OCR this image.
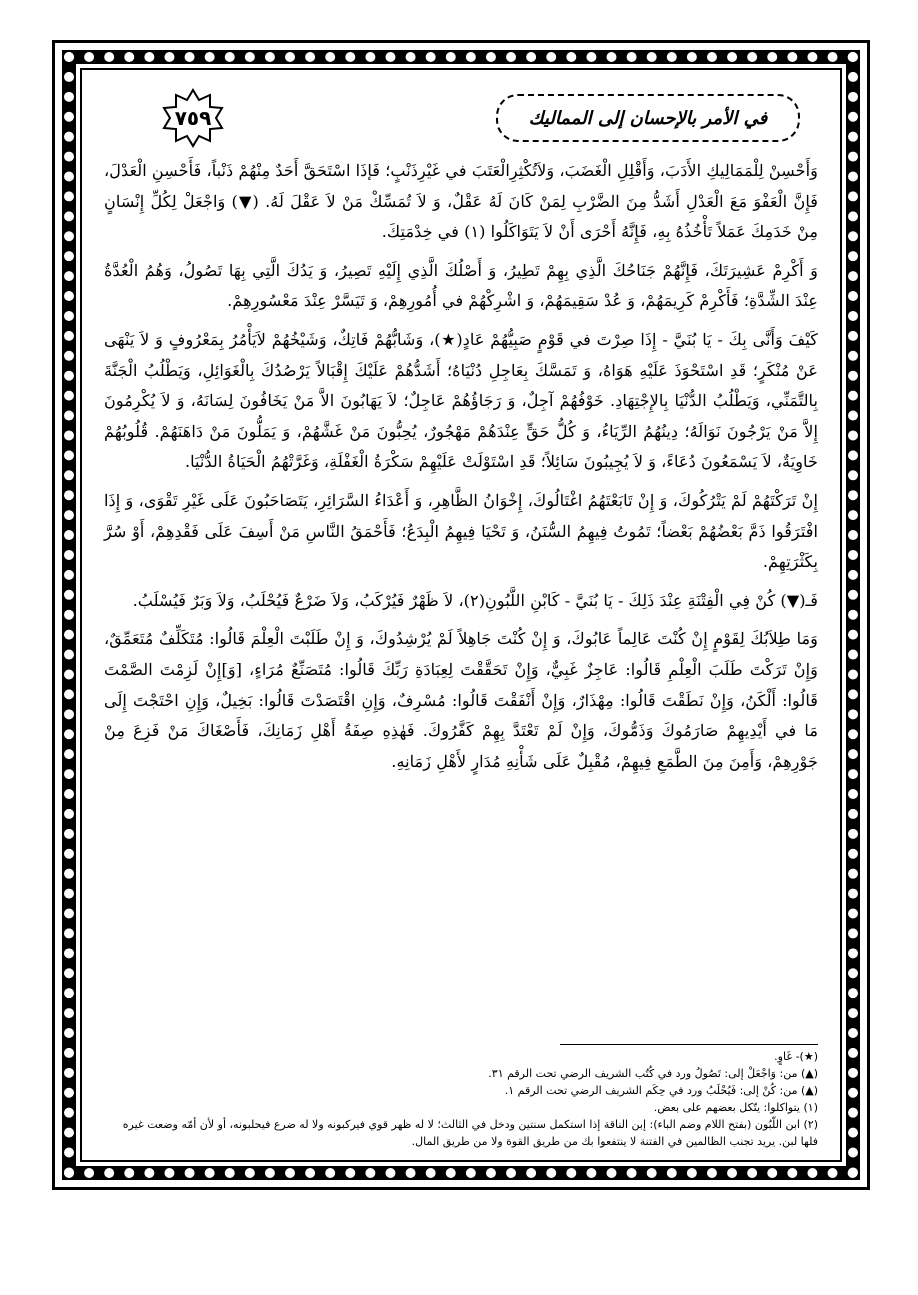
في الأمر بالإحسان إلى المماليك
٧٥٩

وَأَحْسِنْ لِلْمَمَالِيكِ الأَدَبَ، وَأَقْلِلِ الْغَضَبَ، وَلاَتُكْثِرِالْعَتَبَ في غَيْرِذَنْبٍ؛ فَإذَا اسْتَحَقَّ أَحَدٌ مِنْهُمْ ذَنْباً، فَأَحْسِنِ الْعَدْلَ، فَإِنَّ الْعَفْوَ مَعَ الْعَدْلِ أَشَدُّ مِنَ الضَّرْبِ لِمَنْ كَانَ لَهُ عَقْلٌ، وَ لاَ تُمَسِّكْ مَنْ لاَ عَقْلَ لَهُ. (▼) وَاجْعَلْ لِكُلِّ إِنْسَانٍ مِنْ خَدَمِكَ عَمَلاً تَأْخُذُهُ بِهِ، فَإِنَّهُ أَحْرَى أَنْ لاَ يَتَوَاكَلُوا (١) في خِدْمَتِكَ.

وَ أَكْرِمْ عَشِيرَتَكَ، فَإِنَّهُمْ جَنَاحُكَ الَّذِي بِهِمْ تَطِيرُ، وَ أَصْلُكَ الَّذِي إِلَيْهِ تَصِيرُ، وَ يَدُكَ الَّتِي بِهَا تَصُولُ، وَهُمُ الْعُدَّةُ عِنْدَ الشِّدَّةِ؛ فَأَكْرِمْ كَرِيمَهُمْ، وَ عُدْ سَقِيمَهُمْ، وَ اشْرِكْهُمْ في أُمُورِهِمْ، وَ تَيَسَّرْ عِنْدَ مَعْسُورِهِمْ.

كَيْفَ وَأَنَّى بِكَ - يَا بُنَيَّ - إِذَا صِرْتَ في قَوْمٍ صَبِيُّهُمْ عَادٍ(★)، وَشَابُّهُمْ فَاتِكٌ، وَشَيْخُهُمْ لاَيَأْمُرُ بِمَعْرُوفٍ وَ لاَ يَنْهَى عَنْ مُنْكَرٍ؛ قَدِ اسْتَحْوَذَ عَلَيْهِ هَوَاهُ، وَ تَمَسَّكَ بِعَاجِلِ دُنْيَاهُ؛ أَشَدُّهُمْ عَلَيْكَ إِقْبَالاً يَرْصُدُكَ بِالْغَوَائِلِ، وَيَطْلُبُ الْجَنَّةَ بِالتَّمَنِّي، وَيَطْلُبُ الدُّنْيَا بِالإِجْتِهَادِ. خَوْفُهُمْ آجِلٌ، وَ رَجَاؤُهُمْ عَاجِلٌ؛ لاَ يَهَابُونَ الاَّ مَنْ يَخَافُونَ لِسَانَهُ، وَ لاَ يُكْرِمُونَ إِلاَّ مَنْ يَرْجُونَ نَوَالَهُ؛ دِينُهُمُ الرِّيَاءُ، وَ كُلُّ حَقٍّ عِنْدَهُمْ مَهْجُورٌ، يُحِبُّونَ مَنْ غَشَّهُمْ، وَ يَمَلُّونَ مَنْ دَاهَنَهُمْ. قُلُوبُهُمْ خَاوِيَةٌ، لاَ يَسْمَعُونَ دُعَاءً، وَ لاَ يُجِيبُونَ سَائِلاً؛ قَدِ اسْتَوْلَتْ عَلَيْهِمْ سَكْرَةُ الْغَفْلَةِ، وَغَرَّتْهُمُ الْحَيَاةُ الدُّنْيَا.

إِنْ تَرَكْتَهُمْ لَمْ يَتْرُكُوكَ، وَ إِنْ تَابَعْتَهُمُ اغْتَالُوكَ، إِخْوَانُ الظَّاهِرِ، وَ أَعْدَاءُ السَّرَائِرِ، يَتَصَاحَبُونَ عَلَى غَيْرِ تَقْوَى، وَ إِذَا افْتَرَقُوا ذَمَّ بَعْضُهُمْ بَعْضاً؛ تَمُوتُ فِيهِمُ السُّنَنُ، وَ تَحْيَا فِيهِمُ الْبِدَعُ؛ فَأَحْمَقُ النَّاسِ مَنْ أَسِفَ عَلَى فَقْدِهِمْ، أَوْ سُرَّ بِكَثْرَتِهِمْ.

فَـ(▼) كُنْ فِي الْفِتْنَةِ عِنْدَ ذَلِكَ - يَا بُنَيَّ - كَابْنِ اللَّبُونِ(٢)، لاَ ظَهْرٌ فَيُرْكَبُ، وَلاَ ضَرْعٌ فَيُحْلَبُ، وَلاَ وَبَرٌ فَيُسْلَبُ.

وَمَا طِلاَبُكَ لِقَوْمٍ إِنْ كُنْتَ عَالِماً عَابُوكَ، وَ إِنْ كُنْتَ جَاهِلاً لَمْ يُرْشِدُوكَ، وَ إِنْ طَلَبْتَ الْعِلْمَ قَالُوا: مُتَكَلِّفٌ مُتَعَمِّقٌ، وَإِنْ تَرَكْتَ طَلَبَ الْعِلْمِ قَالُوا: عَاجِزٌ غَبِيٌّ، وَإِنْ تَحَقَّقْتَ لِعِبَادَةِ رَبِّكَ قَالُوا: مُتَصَنِّعٌ مُرَاءٍ، [وَ]إِنْ لَزِمْتَ الصَّمْتَ قَالُوا: أَلْكَنُ، وَإِنْ نَطَقْتَ قَالُوا: مِهْذَارٌ، وَإِنْ أَنْفَقْتَ قَالُوا: مُسْرِفٌ، وَإِنِ اقْتَصَدْتَ قَالُوا: بَخِيلٌ، وَإِنِ احْتَجْتَ إِلَى مَا في أَيْدِيهِمْ صَارَمُوكَ وَذَمُّوكَ، وَإِنْ لَمْ تَعْتَدَّ بِهِمْ كَفَّرُوكَ. فَهٰذِهِ صِفَةُ أَهْلِ زَمَانِكَ، فَأَصْغَاكَ مَنْ فَزِعَ مِنْ جَوْرِهِمْ، وَأَمِنَ مِنَ الطَّمَعِ فِيهِمْ، مُقْبِلٌ عَلَى شَأْنِهِ مُدَارٍ لأَهْلِ زَمَانِهِ.

(★)- غَاوٍ.
(▲) من: وَاجْعَلْ إلى: تَصُولُ ورد في كُتُب الشريف الرضي تحت الرقم ٣١.
(▲) من: كُنْ إلى: فَيُحْلَبُ ورد في حِكَم الشريف الرضي تحت الرقم ١.
(١) يتواكلوا: يتّكل بعضهم على بعض.
(٢) ابن اللَّبُون (بفتح اللام وضم الباء): إبن الناقة إذا استكمل سنتين ودخل في الثالث؛ لا له ظهر قوي فيركبونه ولا له ضرع فيحلبونه، أو لأن أمّه وضعت غيره فلها لبن. يريد تجنب الظالمين في الفتنة لا ينتفعوا بك من طريق القوة ولا من طريق المال.
